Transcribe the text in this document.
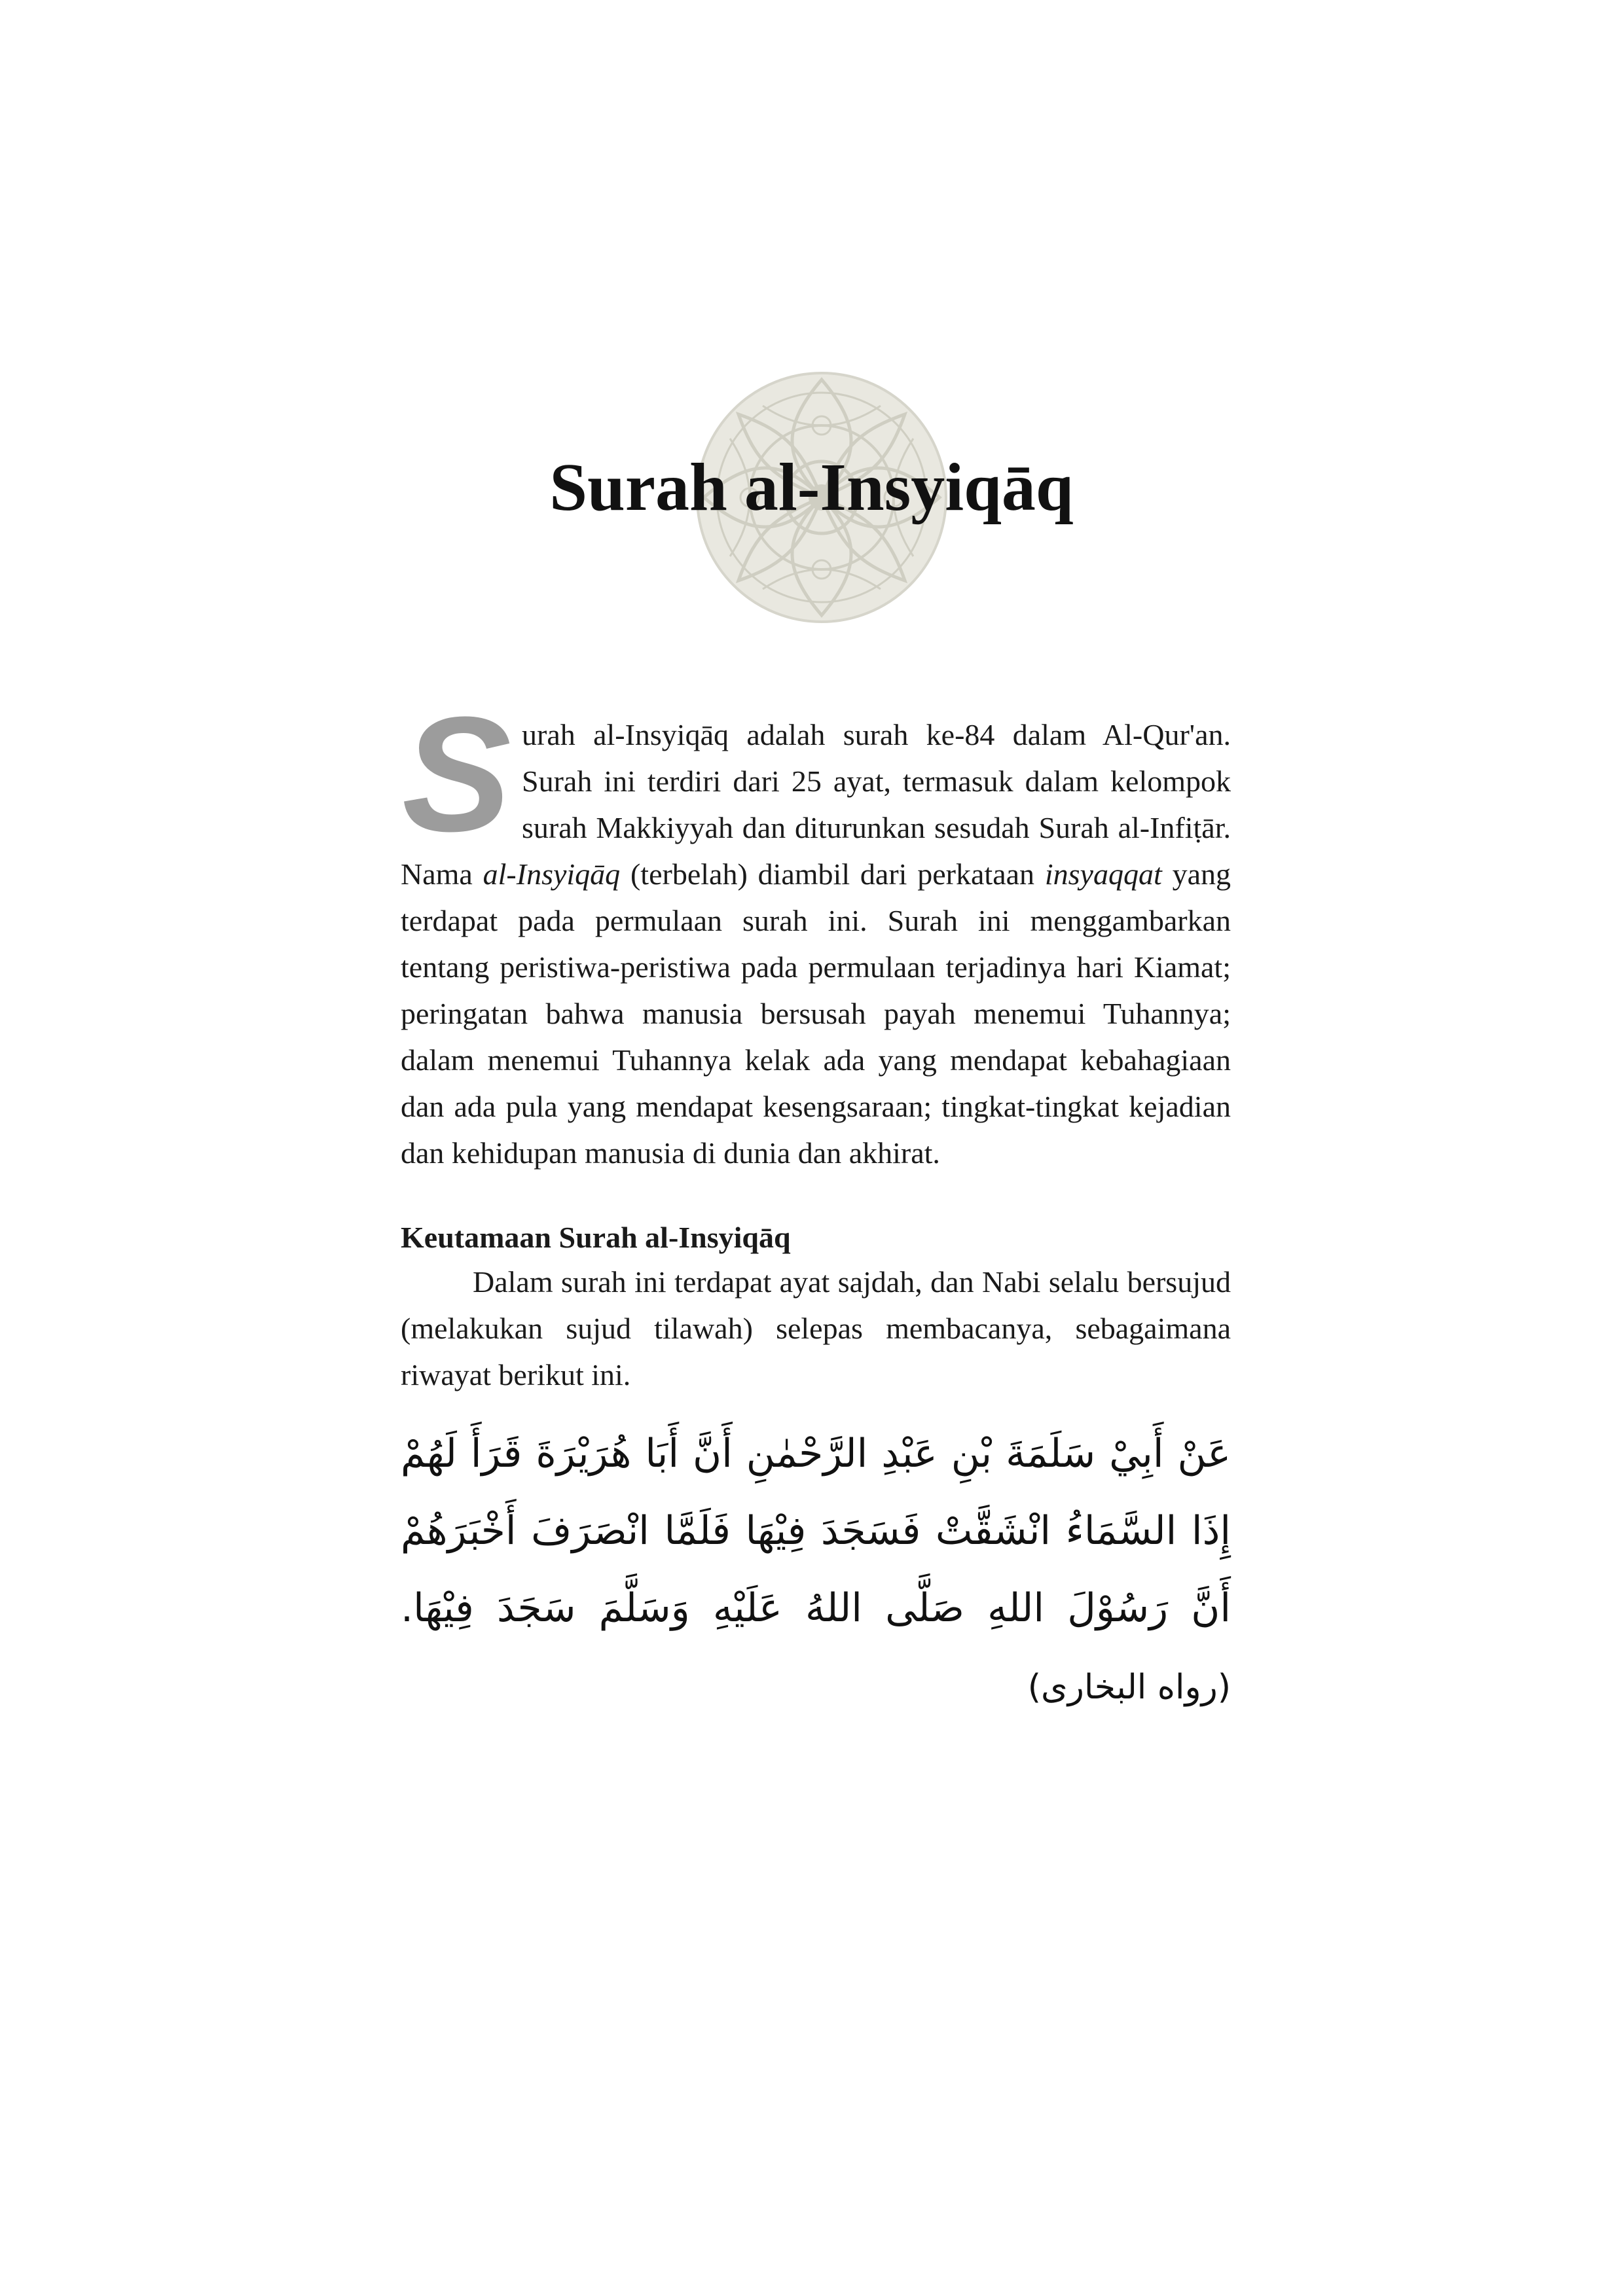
Surah al-Insyiqāq

S urah al-Insyiqāq adalah surah ke-84 dalam Al-Qur'an. Surah ini terdiri dari 25 ayat, termasuk dalam kelompok surah Makkiyyah dan diturunkan sesudah Surah al-Infiṭār. Nama al-Insyiqāq (terbelah) diambil dari perkataan insyaqqat yang terdapat pada permulaan surah ini. Surah ini menggambarkan tentang peristiwa-peristiwa pada permulaan terjadinya hari Kiamat; peringatan bahwa manusia bersusah payah menemui Tuhannya; dalam menemui Tuhannya kelak ada yang mendapat kebahagiaan dan ada pula yang mendapat kesengsaraan; tingkat-tingkat kejadian dan kehidupan manusia di dunia dan akhirat.

Keutamaan Surah al-Insyiqāq

Dalam surah ini terdapat ayat sajdah, dan Nabi selalu bersujud (melakukan sujud tilawah) selepas membacanya, sebagaimana riwayat berikut ini.

عَنْ أَبِيْ سَلَمَةَ بْنِ عَبْدِ الرَّحْمٰنِ أَنَّ أَبَا هُرَيْرَةَ قَرَأَ لَهُمْ إِذَا السَّمَاءُ انْشَقَّتْ فَسَجَدَ فِيْهَا فَلَمَّا انْصَرَفَ أَخْبَرَهُمْ أَنَّ رَسُوْلَ اللهِ صَلَّى اللهُ عَلَيْهِ وَسَلَّمَ سَجَدَ فِيْهَا. (رواه البخارى)
